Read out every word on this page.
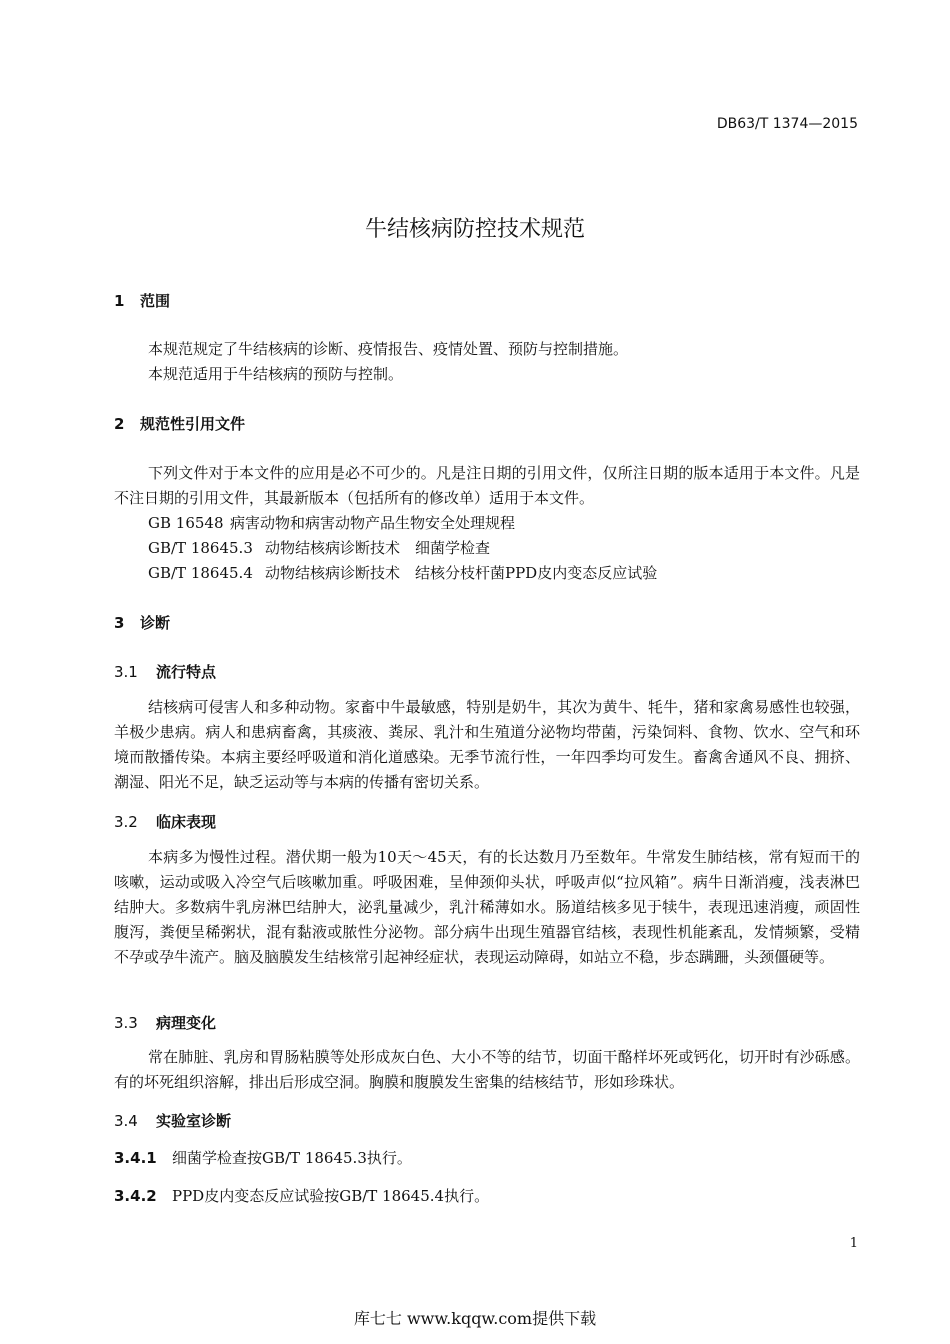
DB63/T 1374—2015
牛结核病防控技术规范
1 范围
本规范规定了牛结核病的诊断、疫情报告、疫情处置、预防与控制措施。
本规范适用于牛结核病的预防与控制。
2 规范性引用文件
下列文件对于本文件的应用是必不可少的。凡是注日期的引用文件，仅所注日期的版本适用于本文件。凡是不注日期的引用文件，其最新版本（包括所有的修改单）适用于本文件。
GB 16548 病害动物和病害动物产品生物安全处理规程
GB/T 18645.3 动物结核病诊断技术　细菌学检查
GB/T 18645.4 动物结核病诊断技术　结核分枝杆菌PPD皮内变态反应试验
3 诊断
3.1 流行特点
结核病可侵害人和多种动物。家畜中牛最敏感，特别是奶牛，其次为黄牛、牦牛，猪和家禽易感性也较强，羊极少患病。病人和患病畜禽，其痰液、粪尿、乳汁和生殖道分泌物均带菌，污染饲料、食物、饮水、空气和环境而散播传染。本病主要经呼吸道和消化道感染。无季节流行性，一年四季均可发生。畜禽舍通风不良、拥挤、潮湿、阳光不足，缺乏运动等与本病的传播有密切关系。
3.2 临床表现
本病多为慢性过程。潜伏期一般为10天～45天，有的长达数月乃至数年。牛常发生肺结核，常有短而干的咳嗽，运动或吸入冷空气后咳嗽加重。呼吸困难，呈伸颈仰头状，呼吸声似“拉风箱”。病牛日渐消瘦，浅表淋巴结肿大。多数病牛乳房淋巴结肿大，泌乳量减少，乳汁稀薄如水。肠道结核多见于犊牛，表现迅速消瘦，顽固性腹泻，粪便呈稀粥状，混有黏液或脓性分泌物。部分病牛出现生殖器官结核，表现性机能紊乱，发情频繁，受精不孕或孕牛流产。脑及脑膜发生结核常引起神经症状，表现运动障碍，如站立不稳，步态蹒跚，头颈僵硬等。
3.3 病理变化
常在肺脏、乳房和胃肠粘膜等处形成灰白色、大小不等的结节，切面干酪样坏死或钙化，切开时有沙砾感。有的坏死组织溶解，排出后形成空洞。胸膜和腹膜发生密集的结核结节，形如珍珠状。
3.4 实验室诊断
3.4.1 细菌学检查按GB/T 18645.3执行。
3.4.2 PPD皮内变态反应试验按GB/T 18645.4执行。
1
库七七 www.kqqw.com提供下载
